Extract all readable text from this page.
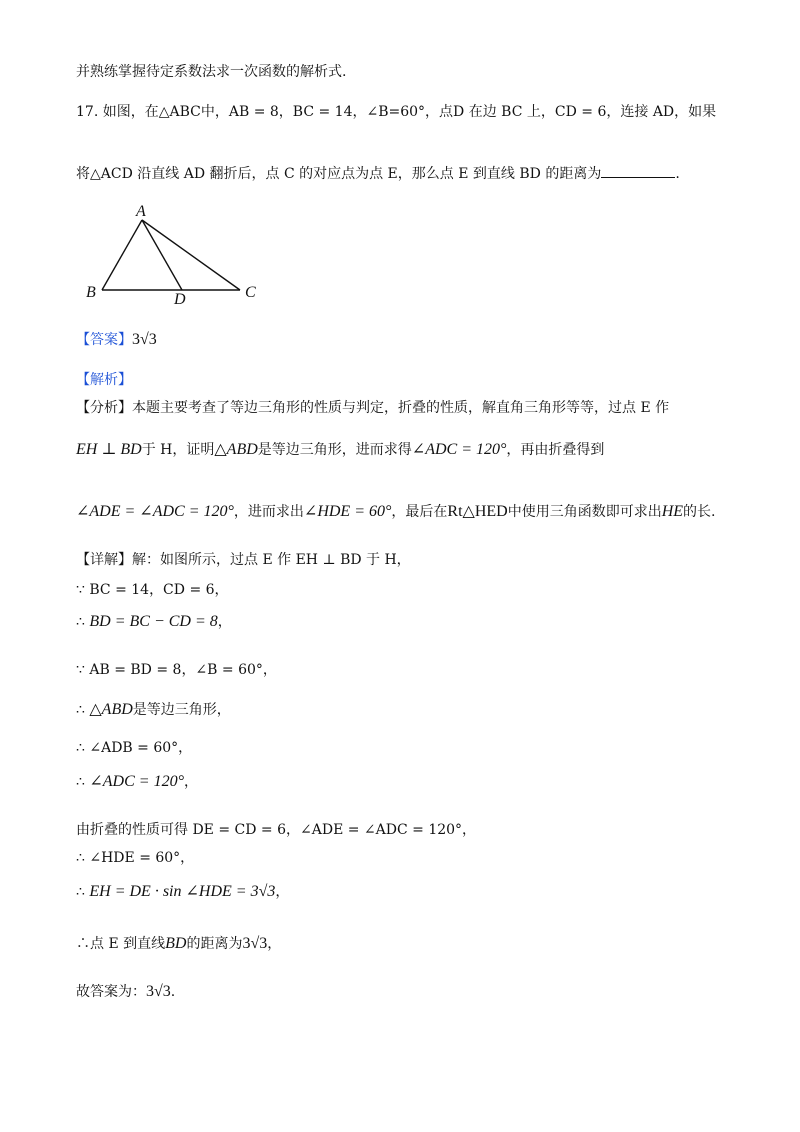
并熟练掌握待定系数法求一次函数的解析式.
17. 如图，在△ABC中，AB = 8，BC = 14，∠B=60°，点D 在边 BC 上，CD = 6，连接 AD，如果
将△ACD 沿直线 AD 翻折后，点 C 的对应点为点 E，那么点 E 到直线 BD 的距离为	.
A
B	C
D
【答案】3√3
【解析】
【分析】本题主要考查了等边三角形的性质与判定，折叠的性质，解直角三角形等等，过点 E 作
EH ⊥ BD于 H，证明△ABD是等边三角形，进而求得∠ADC = 120°，再由折叠得到
∠ADE = ∠ADC = 120°，进而求出∠HDE = 60°，最后在Rt△HED中使用三角函数即可求出HE的长.
【详解】解：如图所示，过点 E 作 EH ⊥ BD 于 H，
∵ BC = 14，CD = 6，
∴ BD = BC − CD = 8，
∵ AB = BD = 8，∠B = 60°，
∴ △ABD是等边三角形，
∴ ∠ADB = 60°，
∴ ∠ADC = 120°，
由折叠的性质可得 DE = CD = 6，∠ADE = ∠ADC = 120°，
∴ ∠HDE = 60°，
∴ EH = DE · sin ∠HDE = 3√3，
∴点 E 到直线BD的距离为3√3，
故答案为：3√3.
